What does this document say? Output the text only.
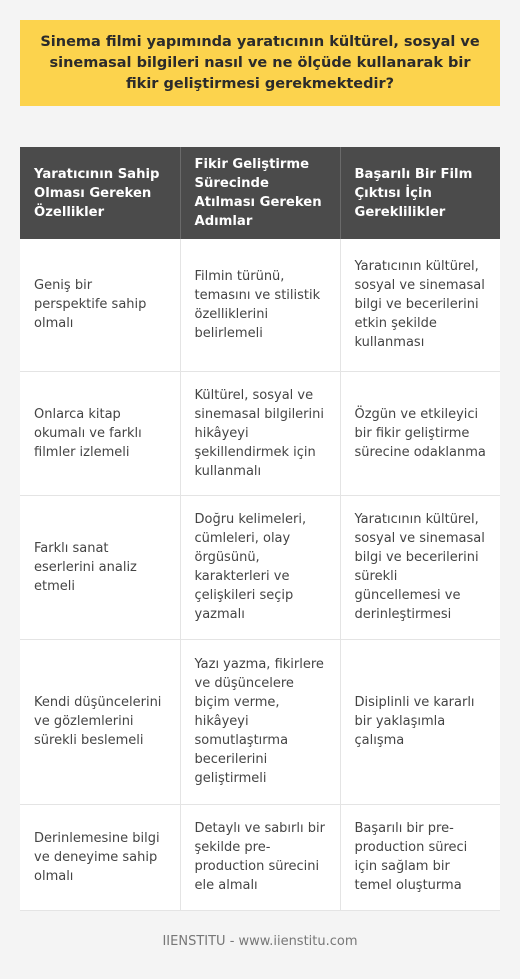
Sinema filmi yapımında yaratıcının kültürel, sosyal ve sinemasal bilgileri nasıl ve ne ölçüde kullanarak bir fikir geliştirmesi gerekmektedir?
Yaratıcının Sahip Olması Gereken Özellikler	Fikir Geliştirme Sürecinde Atılması Gereken Adımlar	Başarılı Bir Film Çıktısı İçin Gereklilikler
Geniş bir perspektife sahip olmalı	Filmin türünü, temasını ve stilistik özelliklerini belirlemeli	Yaratıcının kültürel, sosyal ve sinemasal bilgi ve becerilerini etkin şekilde kullanması
Onlarca kitap okumalı ve farklı filmler izlemeli	Kültürel, sosyal ve sinemasal bilgilerini hikâyeyi şekillendirmek için kullanmalı	Özgün ve etkileyici bir fikir geliştirme sürecine odaklanma
Farklı sanat eserlerini analiz etmeli	Doğru kelimeleri, cümleleri, olay örgüsünü, karakterleri ve çelişkileri seçip yazmalı	Yaratıcının kültürel, sosyal ve sinemasal bilgi ve becerilerini sürekli güncellemesi ve derinleştirmesi
Kendi düşüncelerini ve gözlemlerini sürekli beslemeli	Yazı yazma, fikirlere ve düşüncelere biçim verme, hikâyeyi somutlaştırma becerilerini geliştirmeli	Disiplinli ve kararlı bir yaklaşımla çalışma
Derinlemesine bilgi ve deneyime sahip olmalı	Detaylı ve sabırlı bir şekilde pre-production sürecini ele almalı	Başarılı bir pre-production süreci için sağlam bir temel oluşturma
IIENSTITU - www.iienstitu.com
